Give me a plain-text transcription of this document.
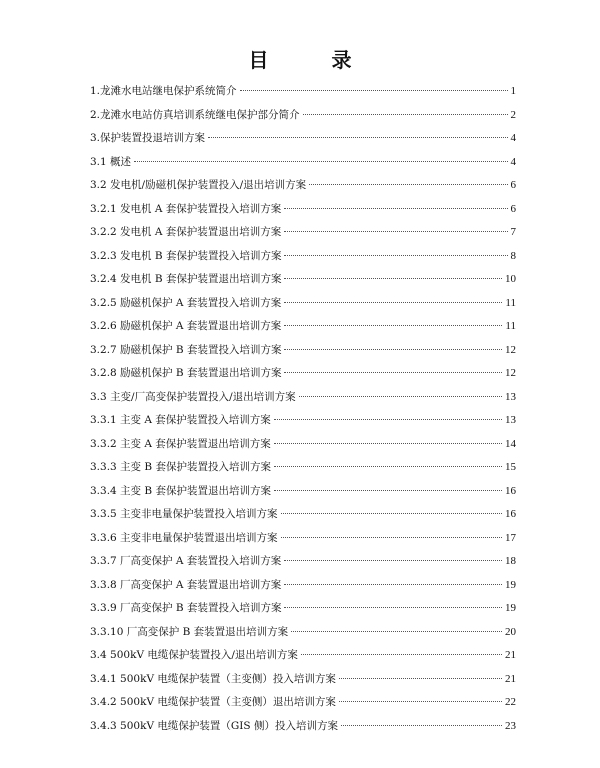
目 录
1.龙滩水电站继电保护系统简介	1
2.龙滩水电站仿真培训系统继电保护部分简介	2
3.保护装置投退培训方案	4
3.1 概述	4
3.2 发电机/励磁机保护装置投入/退出培训方案	6
3.2.1 发电机 A 套保护装置投入培训方案	6
3.2.2 发电机 A 套保护装置退出培训方案	7
3.2.3 发电机 B 套保护装置投入培训方案	8
3.2.4 发电机 B 套保护装置退出培训方案	10
3.2.5 励磁机保护 A 套装置投入培训方案	11
3.2.6 励磁机保护 A 套装置退出培训方案	11
3.2.7 励磁机保护 B 套装置投入培训方案	12
3.2.8 励磁机保护 B 套装置退出培训方案	12
3.3 主变/厂高变保护装置投入/退出培训方案	13
3.3.1 主变 A 套保护装置投入培训方案	13
3.3.2 主变 A 套保护装置退出培训方案	14
3.3.3 主变 B 套保护装置投入培训方案	15
3.3.4 主变 B 套保护装置退出培训方案	16
3.3.5 主变非电量保护装置投入培训方案	16
3.3.6 主变非电量保护装置退出培训方案	17
3.3.7 厂高变保护 A 套装置投入培训方案	18
3.3.8 厂高变保护 A 套装置退出培训方案	19
3.3.9 厂高变保护 B 套装置投入培训方案	19
3.3.10 厂高变保护 B 套装置退出培训方案	20
3.4 500kV 电缆保护装置投入/退出培训方案	21
3.4.1 500kV 电缆保护装置（主变侧）投入培训方案	21
3.4.2 500kV 电缆保护装置（主变侧）退出培训方案	22
3.4.3 500kV 电缆保护装置（GIS 侧）投入培训方案	23
